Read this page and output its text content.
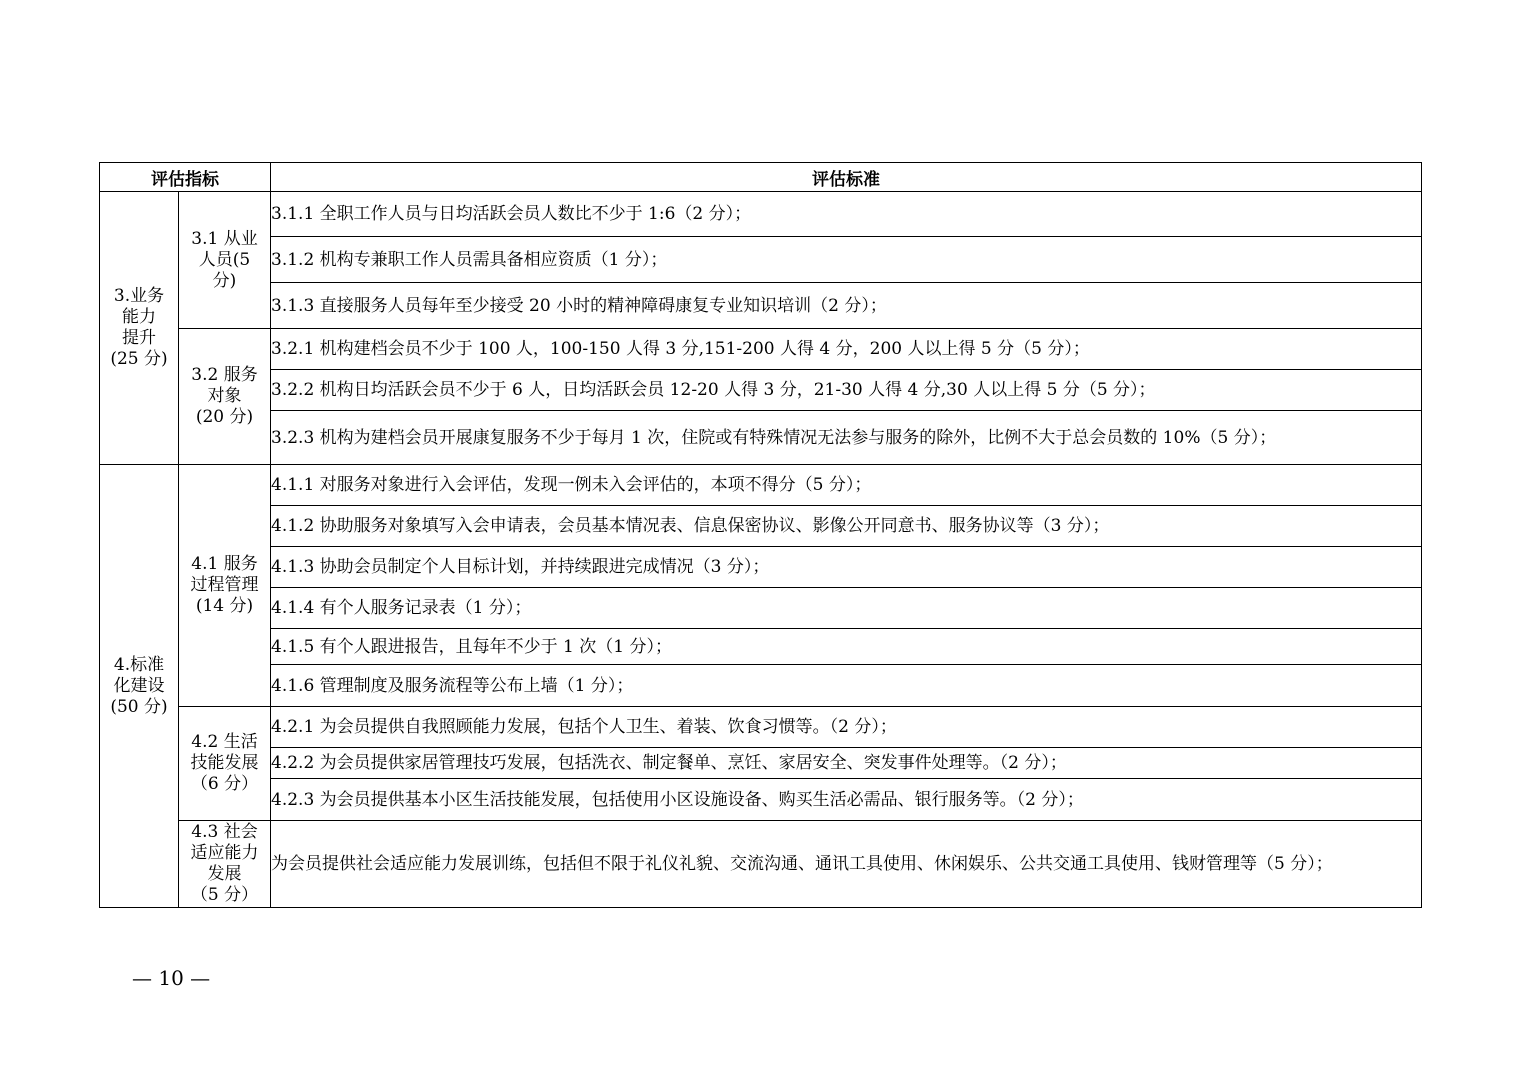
评估指标		评估标准

3.业务
能力
提升
(25 分)	3.1 从业
人员(5
分)	3.1.1 全职工作人员与日均活跃会员人数比不少于 1:6（2 分）；
		3.1.2 机构专兼职工作人员需具备相应资质（1 分）；
		3.1.3 直接服务人员每年至少接受 20 小时的精神障碍康复专业知识培训（2 分）；

	3.2 服务
对象
(20 分)	3.2.1 机构建档会员不少于 100 人，100-150 人得 3 分,151-200 人得 4 分，200 人以上得 5 分（5 分）；
		3.2.2 机构日均活跃会员不少于 6 人，日均活跃会员 12-20 人得 3 分，21-30 人得 4 分,30 人以上得 5 分（5 分）；
		3.2.3 机构为建档会员开展康复服务不少于每月 1 次，住院或有特殊情况无法参与服务的除外，比例不大于总会员数的 10%（5 分）；

4.标准
化建设
(50 分)	4.1 服务
过程管理
(14 分)	4.1.1 对服务对象进行入会评估，发现一例未入会评估的，本项不得分（5 分）；
		4.1.2 协助服务对象填写入会申请表，会员基本情况表、信息保密协议、影像公开同意书、服务协议等（3 分）；
		4.1.3 协助会员制定个人目标计划，并持续跟进完成情况（3 分）；
		4.1.4 有个人服务记录表（1 分）；
		4.1.5 有个人跟进报告，且每年不少于 1 次（1 分）；
		4.1.6 管理制度及服务流程等公布上墙（1 分）；

	4.2 生活
技能发展
（6 分）	4.2.1 为会员提供自我照顾能力发展，包括个人卫生、着装、饮食习惯等。（2 分）；
		4.2.2 为会员提供家居管理技巧发展，包括洗衣、制定餐单、烹饪、家居安全、突发事件处理等。（2 分）；
		4.2.3 为会员提供基本小区生活技能发展，包括使用小区设施设备、购买生活必需品、银行服务等。（2 分）；

	4.3 社会
适应能力
发展
（5 分）	为会员提供社会适应能力发展训练，包括但不限于礼仪礼貌、交流沟通、通讯工具使用、休闲娱乐、公共交通工具使用、钱财管理等（5 分）；
— 10 —
